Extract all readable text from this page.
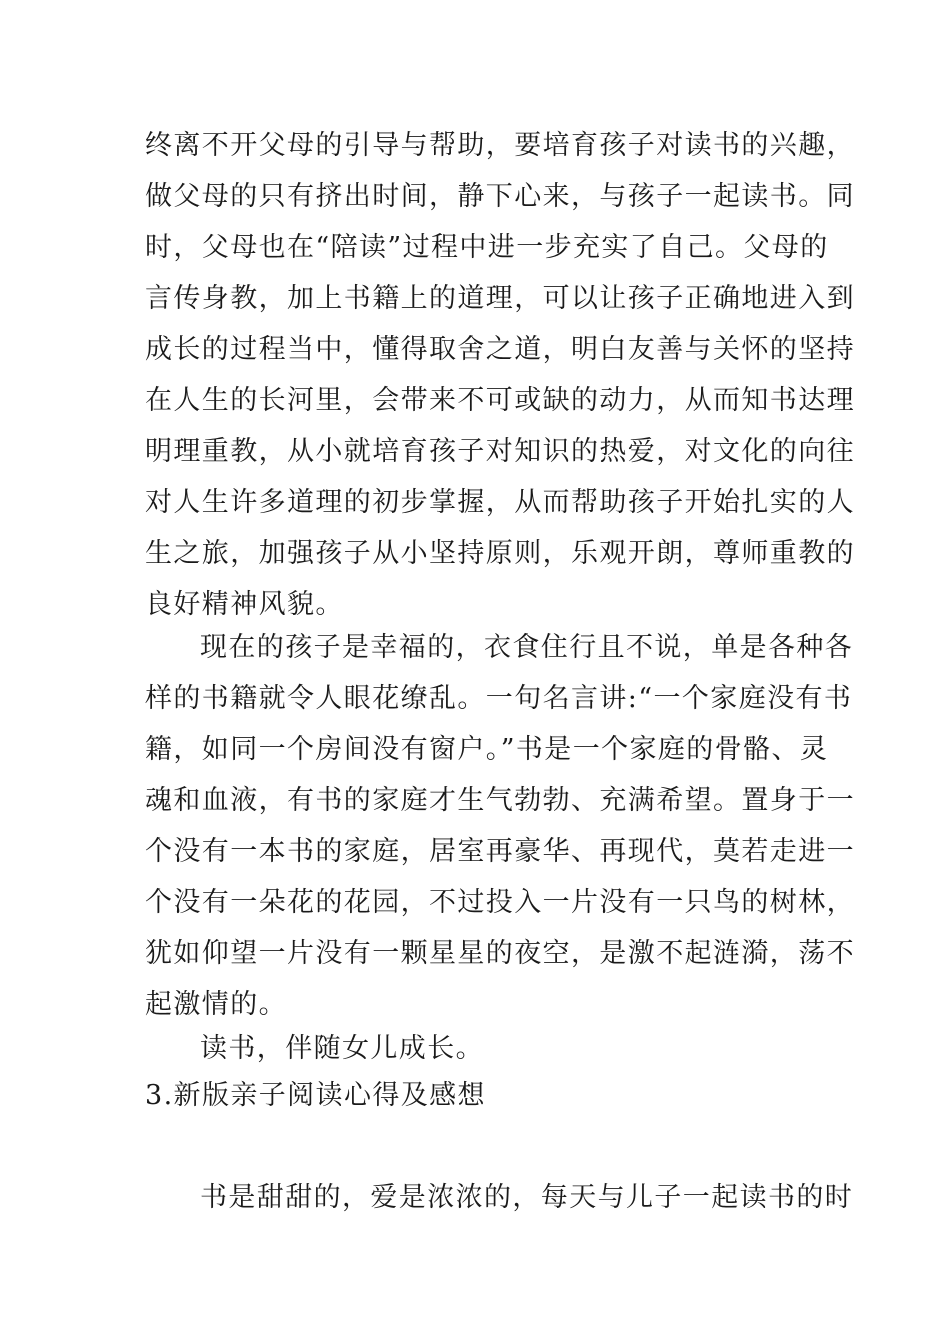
终离不开父母的引导与帮助，要培育孩子对读书的兴趣，
做父母的只有挤出时间，静下心来，与孩子一起读书。同
时，父母也在“陪读”过程中进一步充实了自己。父母的
言传身教，加上书籍上的道理，可以让孩子正确地进入到
成长的过程当中，懂得取舍之道，明白友善与关怀的坚持
在人生的长河里，会带来不可或缺的动力，从而知书达理
明理重教，从小就培育孩子对知识的热爱，对文化的向往
对人生许多道理的初步掌握，从而帮助孩子开始扎实的人
生之旅，加强孩子从小坚持原则，乐观开朗，尊师重教的
良好精神风貌。
现在的孩子是幸福的，衣食住行且不说，单是各种各
样的书籍就令人眼花缭乱。一句名言讲:“一个家庭没有书
籍，如同一个房间没有窗户。”书是一个家庭的骨骼、灵
魂和血液，有书的家庭才生气勃勃、充满希望。置身于一
个没有一本书的家庭，居室再豪华、再现代，莫若走进一
个没有一朵花的花园，不过投入一片没有一只鸟的树林，
犹如仰望一片没有一颗星星的夜空，是激不起涟漪，荡不
起激情的。
读书，伴随女儿成长。
3.新版亲子阅读心得及感想
书是甜甜的，爱是浓浓的，每天与儿子一起读书的时
